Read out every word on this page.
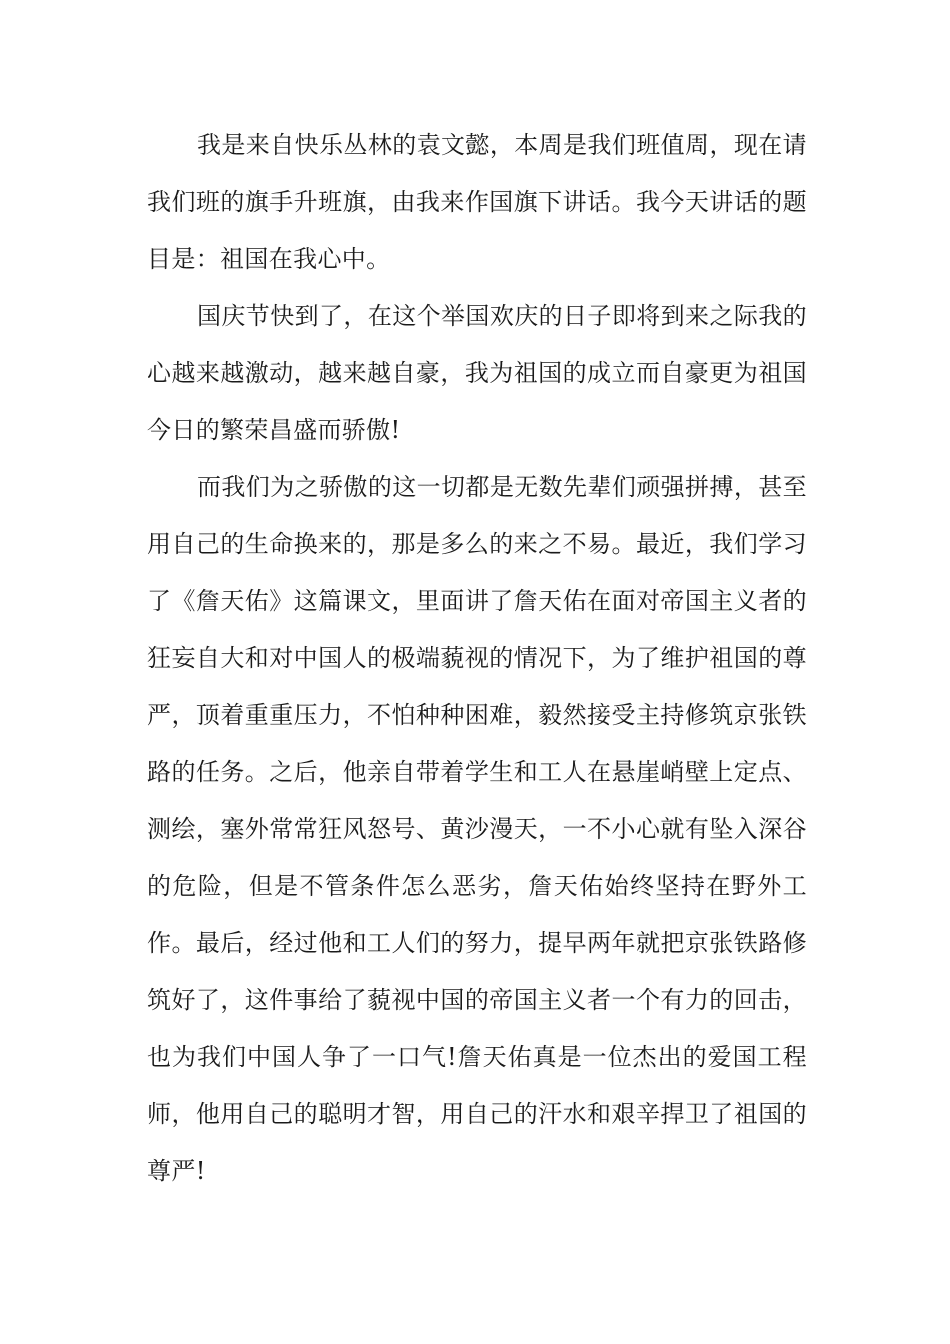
我是来自快乐丛林的袁文懿，本周是我们班值周，现在请我们班的旗手升班旗，由我来作国旗下讲话。我今天讲话的题目是：祖国在我心中。

国庆节快到了，在这个举国欢庆的日子即将到来之际我的心越来越激动，越来越自豪，我为祖国的成立而自豪更为祖国今日的繁荣昌盛而骄傲!

而我们为之骄傲的这一切都是无数先辈们顽强拼搏，甚至用自己的生命换来的，那是多么的来之不易。最近，我们学习了《詹天佑》这篇课文，里面讲了詹天佑在面对帝国主义者的狂妄自大和对中国人的极端藐视的情况下，为了维护祖国的尊严，顶着重重压力，不怕种种困难，毅然接受主持修筑京张铁路的任务。之后，他亲自带着学生和工人在悬崖峭壁上定点、测绘，塞外常常狂风怒号、黄沙漫天，一不小心就有坠入深谷的危险，但是不管条件怎么恶劣，詹天佑始终坚持在野外工作。最后，经过他和工人们的努力，提早两年就把京张铁路修筑好了，这件事给了藐视中国的帝国主义者一个有力的回击，也为我们中国人争了一口气!詹天佑真是一位杰出的爱国工程师，他用自己的聪明才智，用自己的汗水和艰辛捍卫了祖国的尊严!
